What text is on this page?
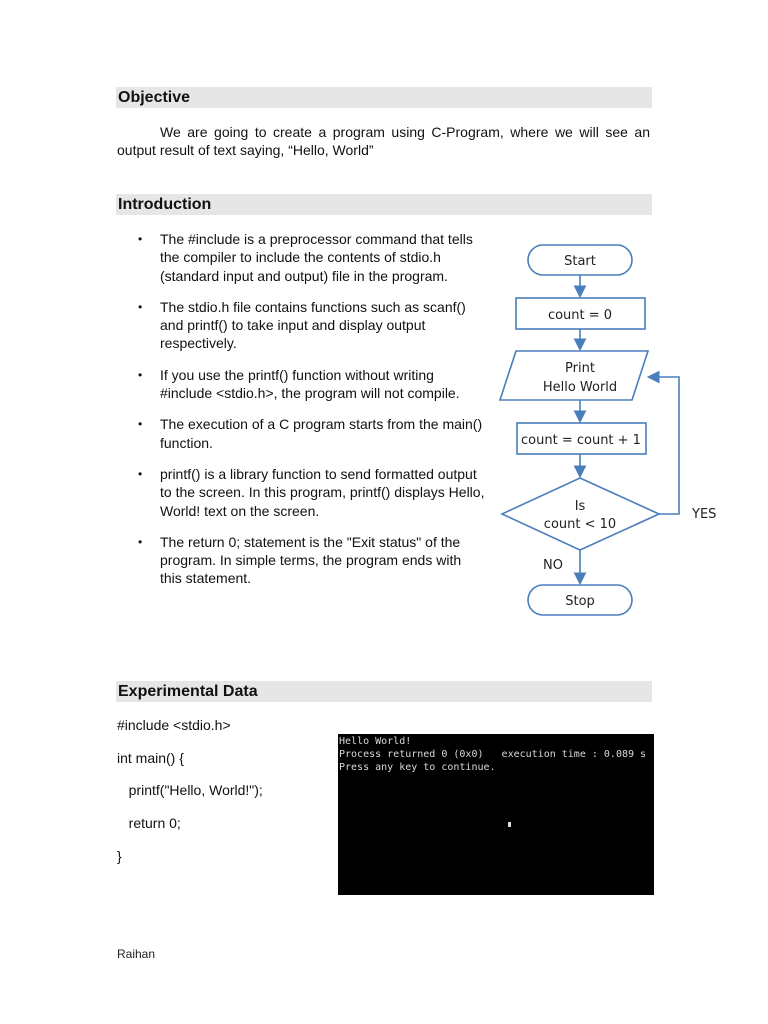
Objective
We are going to create a program using C-Program, where we will see an output result of text saying, “Hello, World”
Introduction
• The #include is a preprocessor command that tells the compiler to include the contents of stdio.h (standard input and output) file in the program.
• The stdio.h file contains functions such as scanf() and printf() to take input and display output respectively.
• If you use the printf() function without writing #include <stdio.h>, the program will not compile.
• The execution of a C program starts from the main() function.
• printf() is a library function to send formatted output to the screen. In this program, printf() displays Hello, World! text on the screen.
• The return 0; statement is the "Exit status" of the program. In simple terms, the program ends with this statement.
Start
count = 0
Print
Hello World
count = count + 1
Is
count < 10
YES
NO
Stop
Experimental Data
#include <stdio.h>
int main() {
printf("Hello, World!");
return 0;
}
Hello World!
Process returned 0 (0x0)   execution time : 0.089 s
Press any key to continue.
Raihan
